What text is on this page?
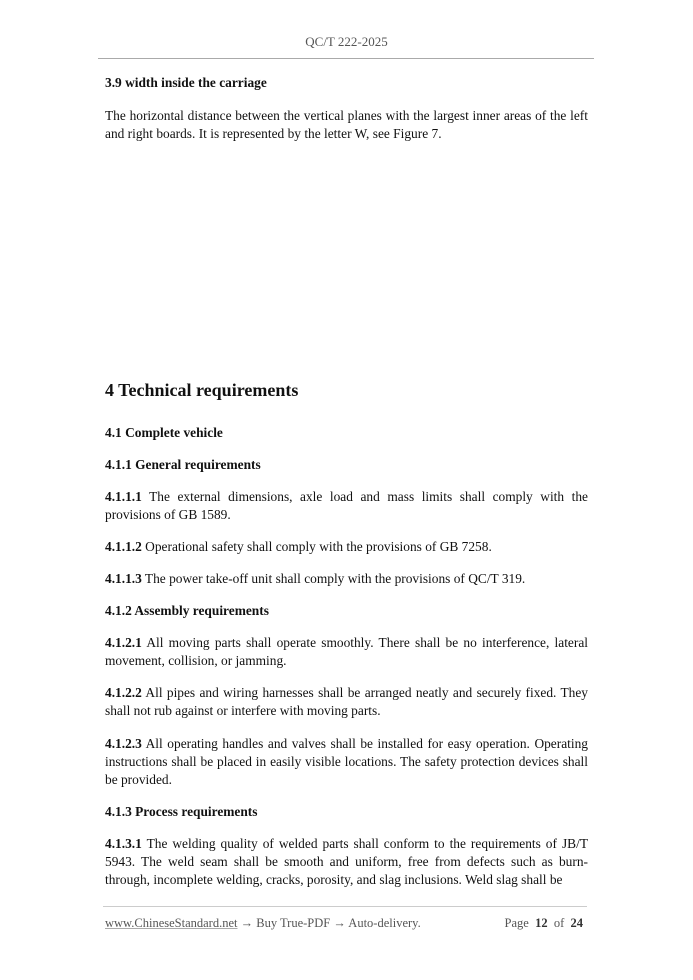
QC/T 222-2025
3.9 width inside the carriage
The horizontal distance between the vertical planes with the largest inner areas of the left and right boards. It is represented by the letter W, see Figure 7.
4 Technical requirements
4.1 Complete vehicle
4.1.1 General requirements
4.1.1.1 The external dimensions, axle load and mass limits shall comply with the provisions of GB 1589.
4.1.1.2 Operational safety shall comply with the provisions of GB 7258.
4.1.1.3 The power take-off unit shall comply with the provisions of QC/T 319.
4.1.2 Assembly requirements
4.1.2.1 All moving parts shall operate smoothly. There shall be no interference, lateral movement, collision, or jamming.
4.1.2.2 All pipes and wiring harnesses shall be arranged neatly and securely fixed. They shall not rub against or interfere with moving parts.
4.1.2.3 All operating handles and valves shall be installed for easy operation. Operating instructions shall be placed in easily visible locations. The safety protection devices shall be provided.
4.1.3 Process requirements
4.1.3.1 The welding quality of welded parts shall conform to the requirements of JB/T 5943. The weld seam shall be smooth and uniform, free from defects such as burn-through, incomplete welding, cracks, porosity, and slag inclusions. Weld slag shall be
www.ChineseStandard.net → Buy True-PDF → Auto-delivery.	Page 12 of 24
